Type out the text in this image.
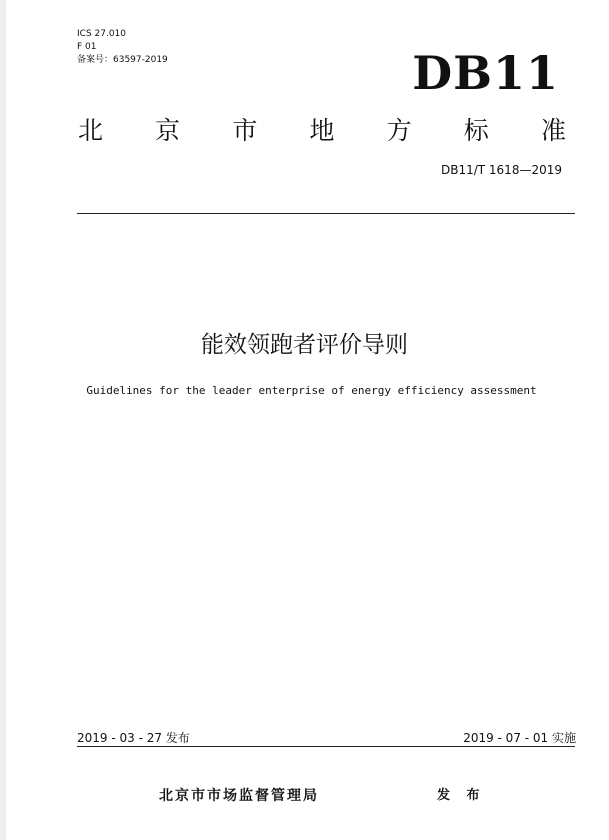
ICS 27.010
F 01
备案号：63597-2019	DB11
北 京 市 地 方 标 准
DB11/T 1618—2019
能效领跑者评价导则
Guidelines for the leader enterprise of energy efficiency assessment
2019 - 03 - 27 发布	2019 - 07 - 01 实施
北京市市场监督管理局	发 布
